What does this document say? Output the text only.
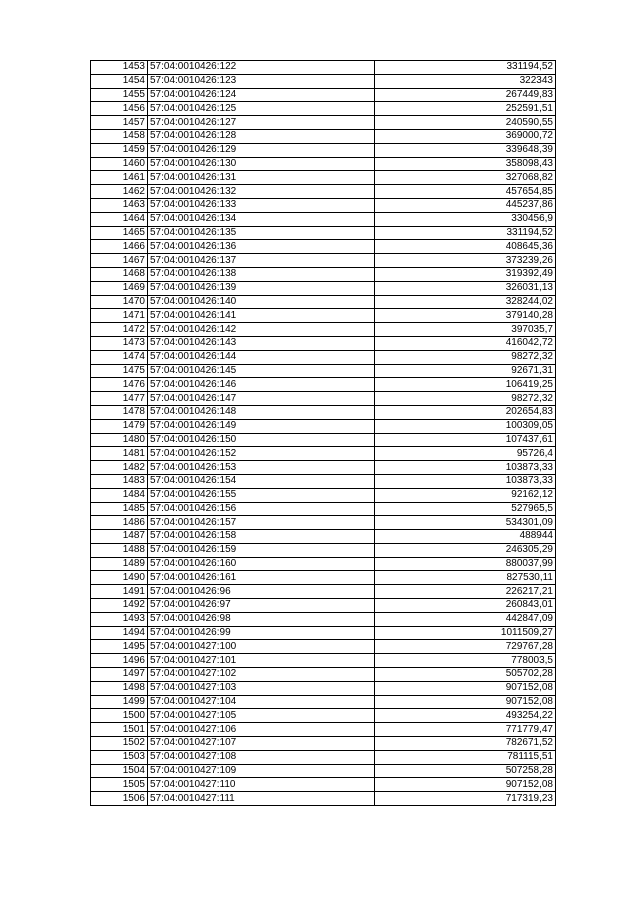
1453	57:04:0010426:122	331194,52
1454	57:04:0010426:123	322343
1455	57:04:0010426:124	267449,83
1456	57:04:0010426:125	252591,51
1457	57:04:0010426:127	240590,55
1458	57:04:0010426:128	369000,72
1459	57:04:0010426:129	339648,39
1460	57:04:0010426:130	358098,43
1461	57:04:0010426:131	327068,82
1462	57:04:0010426:132	457654,85
1463	57:04:0010426:133	445237,86
1464	57:04:0010426:134	330456,9
1465	57:04:0010426:135	331194,52
1466	57:04:0010426:136	408645,36
1467	57:04:0010426:137	373239,26
1468	57:04:0010426:138	319392,49
1469	57:04:0010426:139	326031,13
1470	57:04:0010426:140	328244,02
1471	57:04:0010426:141	379140,28
1472	57:04:0010426:142	397035,7
1473	57:04:0010426:143	416042,72
1474	57:04:0010426:144	98272,32
1475	57:04:0010426:145	92671,31
1476	57:04:0010426:146	106419,25
1477	57:04:0010426:147	98272,32
1478	57:04:0010426:148	202654,83
1479	57:04:0010426:149	100309,05
1480	57:04:0010426:150	107437,61
1481	57:04:0010426:152	95726,4
1482	57:04:0010426:153	103873,33
1483	57:04:0010426:154	103873,33
1484	57:04:0010426:155	92162,12
1485	57:04:0010426:156	527965,5
1486	57:04:0010426:157	534301,09
1487	57:04:0010426:158	488944
1488	57:04:0010426:159	246305,29
1489	57:04:0010426:160	880037,99
1490	57:04:0010426:161	827530,11
1491	57:04:0010426:96	226217,21
1492	57:04:0010426:97	260843,01
1493	57:04:0010426:98	442847,09
1494	57:04:0010426:99	1011509,27
1495	57:04:0010427:100	729767,28
1496	57:04:0010427:101	778003,5
1497	57:04:0010427:102	505702,28
1498	57:04:0010427:103	907152,08
1499	57:04:0010427:104	907152,08
1500	57:04:0010427:105	493254,22
1501	57:04:0010427:106	771779,47
1502	57:04:0010427:107	782671,52
1503	57:04:0010427:108	781115,51
1504	57:04:0010427:109	507258,28
1505	57:04:0010427:110	907152,08
1506	57:04:0010427:111	717319,23
